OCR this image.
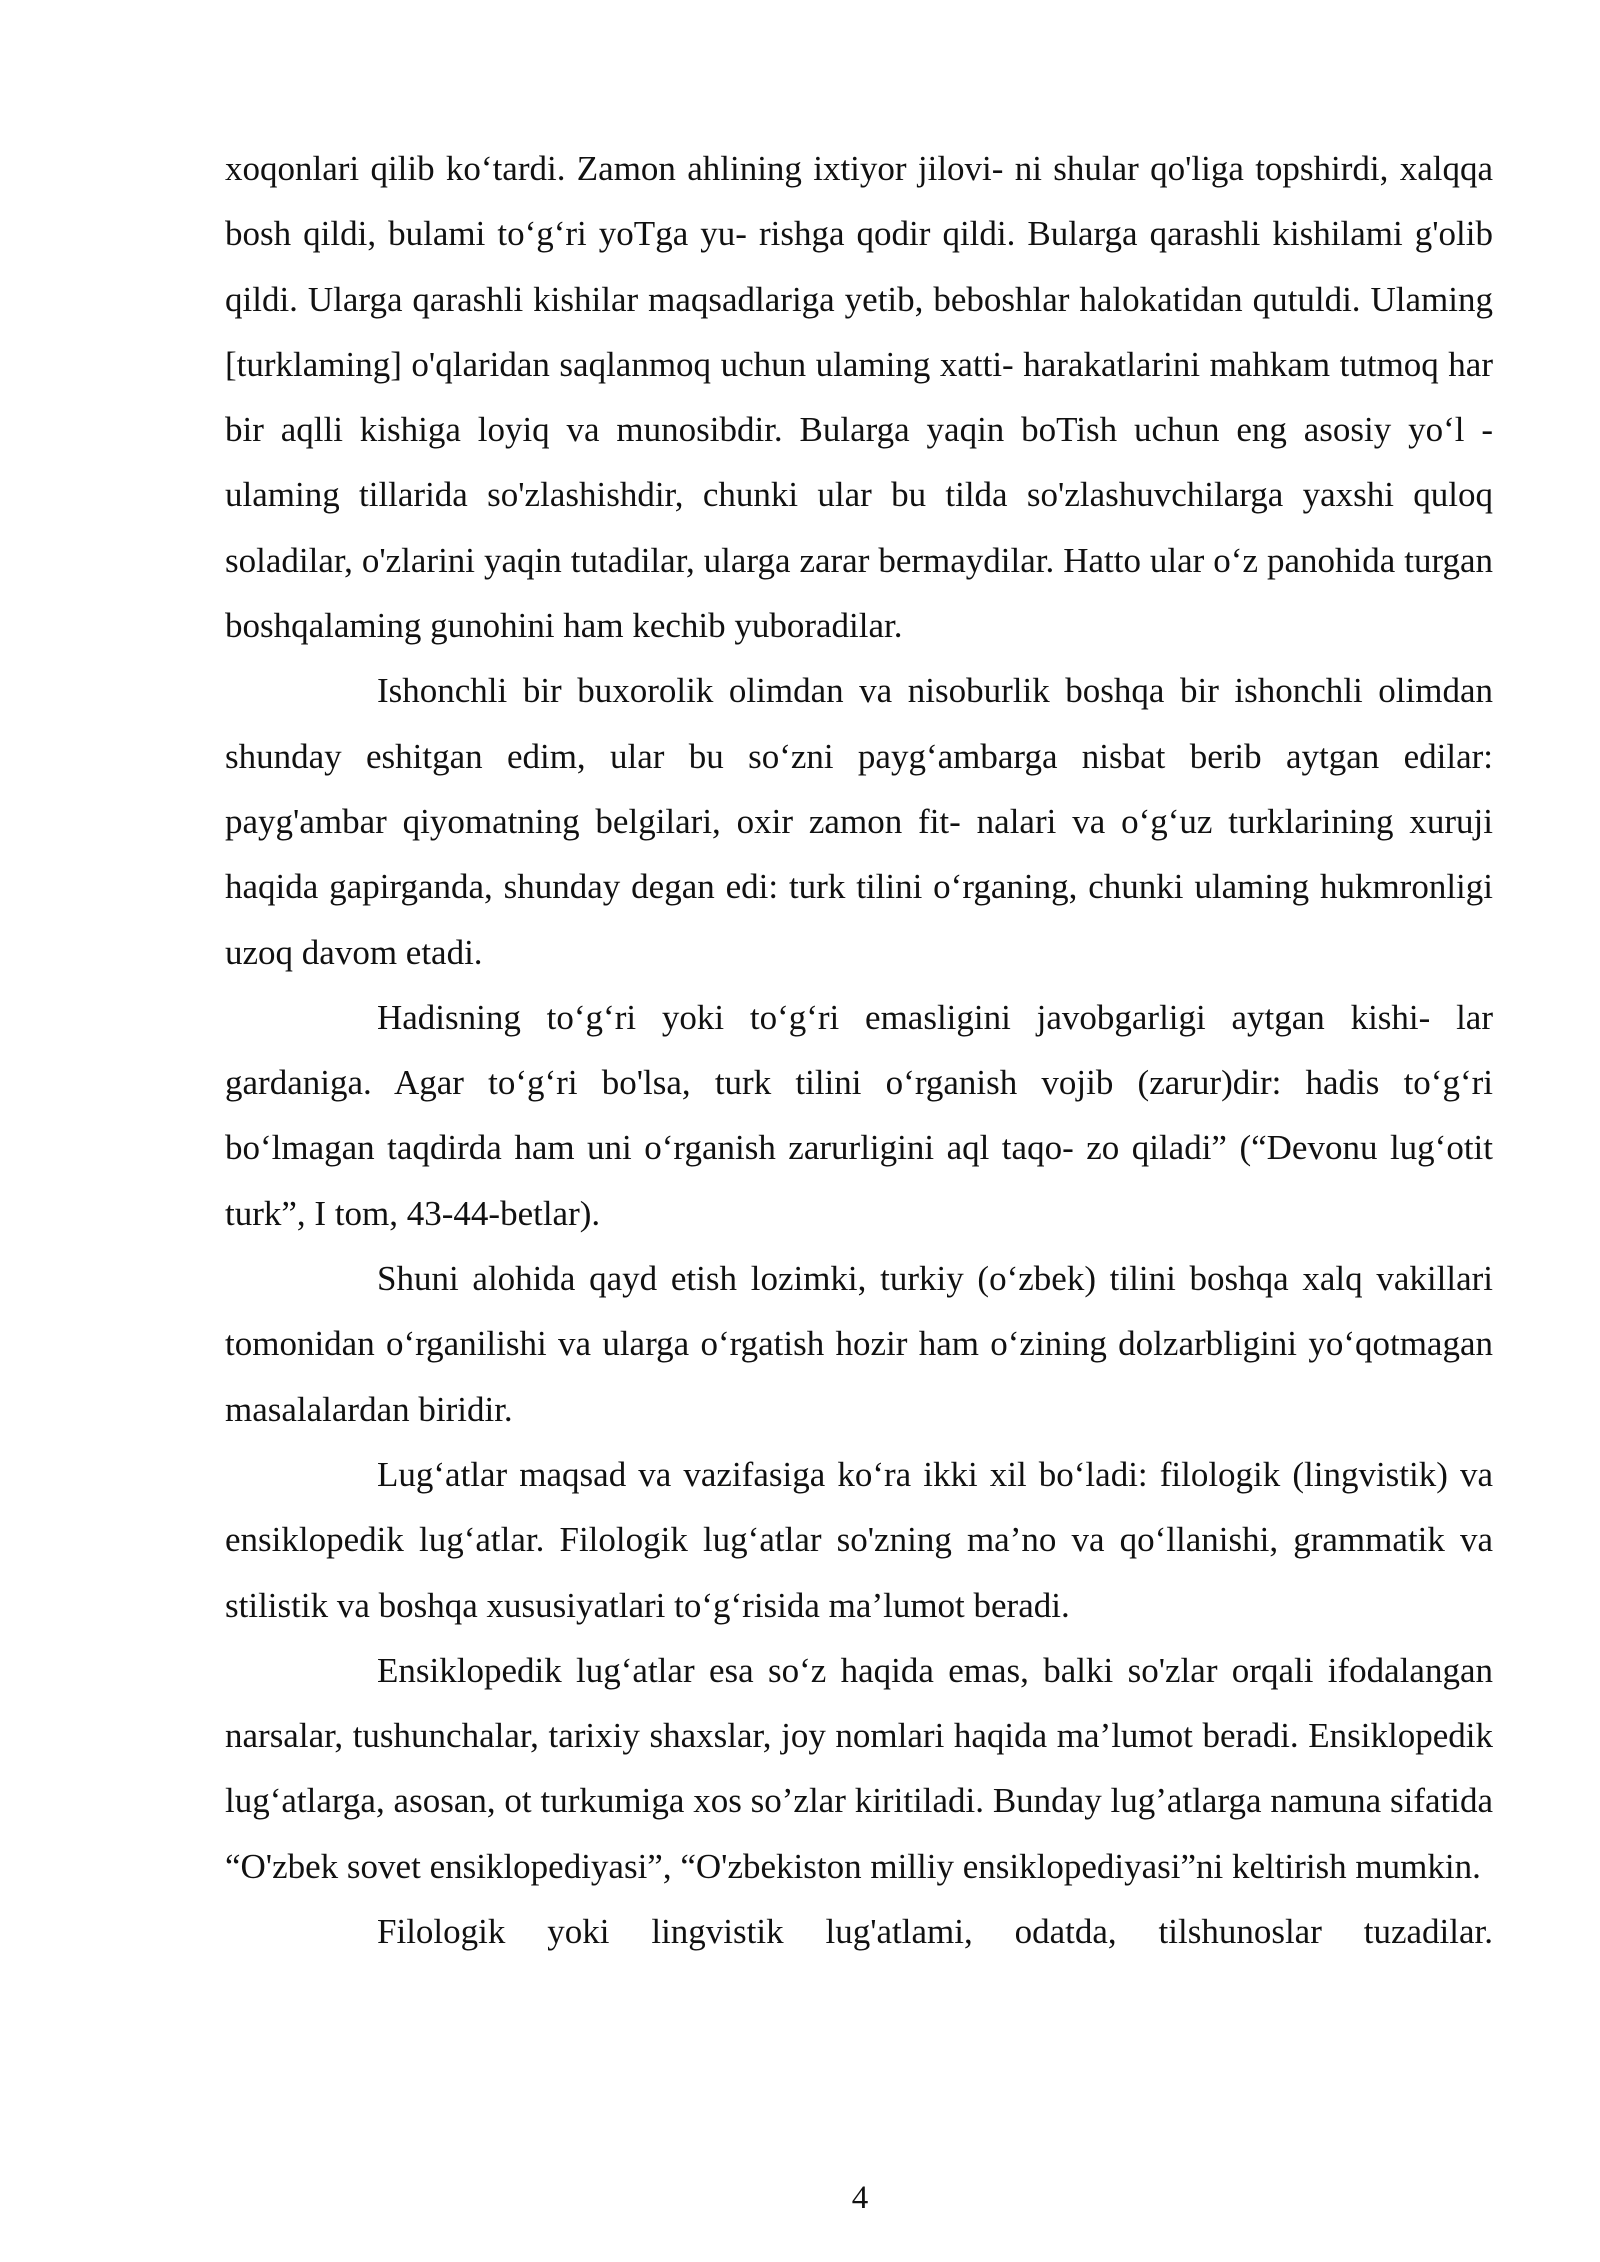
xoqonlari qilib ko‘tardi. Zamon ahlining ixtiyor jilovi- ni shular qo'liga topshirdi, xalqqa bosh qildi, bulami to‘g‘ri yoTga yu- rishga qodir qildi. Bularga qarashli kishilami g'olib qildi. Ularga qarashli kishilar maqsadlariga yetib, beboshlar halokatidan qutuldi. Ulaming [turklaming] o'qlaridan saqlanmoq uchun ulaming xatti- harakatlarini mahkam tutmoq har bir aqlli kishiga loyiq va munosibdir. Bularga yaqin boTish uchun eng asosiy yo‘l - ulaming tillarida so'zlashishdir, chunki ular bu tilda so'zlashuvchilarga yaxshi quloq soladilar, o'zlarini yaqin tutadilar, ularga zarar bermaydilar. Hatto ular o‘z panohida turgan boshqalaming gunohini ham kechib yuboradilar.

Ishonchli bir buxorolik olimdan va nisoburlik boshqa bir ishonchli olimdan shunday eshitgan edim, ular bu so‘zni payg‘ambarga nisbat berib aytgan edilar: payg'ambar qiyomatning belgilari, oxir zamon fit- nalari va o‘g‘uz turklarining xuruji haqida gapirganda, shunday degan edi: turk tilini o‘rganing, chunki ulaming hukmronligi uzoq davom etadi.

Hadisning to‘g‘ri yoki to‘g‘ri emasligini javobgarligi aytgan kishi- lar gardaniga. Agar to‘g‘ri bo'lsa, turk tilini o‘rganish vojib (zarur)dir: hadis to‘g‘ri bo‘lmagan taqdirda ham uni o‘rganish zarurligini aql taqo- zo qiladi” (“Devonu lug‘otit turk”, I tom, 43-44-betlar).

Shuni alohida qayd etish lozimki, turkiy (o‘zbek) tilini boshqa xalq vakillari tomonidan o‘rganilishi va ularga o‘rgatish hozir ham o‘zining dolzarbligini yo‘qotmagan masalalardan biridir.

Lug‘atlar maqsad va vazifasiga ko‘ra ikki xil bo‘ladi: filologik (lingvistik) va ensiklopedik lug‘atlar. Filologik lug‘atlar so'zning ma’no va qo‘llanishi, grammatik va stilistik va boshqa xususiyatlari to‘g‘risida ma’lumot beradi.

Ensiklopedik lug‘atlar esa so‘z haqida emas, balki so'zlar orqali ifodalangan narsalar, tushunchalar, tarixiy shaxslar, joy nomlari haqida ma’lumot beradi. Ensiklopedik lug‘atlarga, asosan, ot turkumiga xos so’zlar kiritiladi. Bunday lug’atlarga namuna sifatida “O'zbek sovet ensiklopediyasi”, “O'zbekiston milliy ensiklopediyasi”ni keltirish mumkin.

Filologik yoki lingvistik lug'atlami, odatda, tilshunoslar tuzadilar.

4
